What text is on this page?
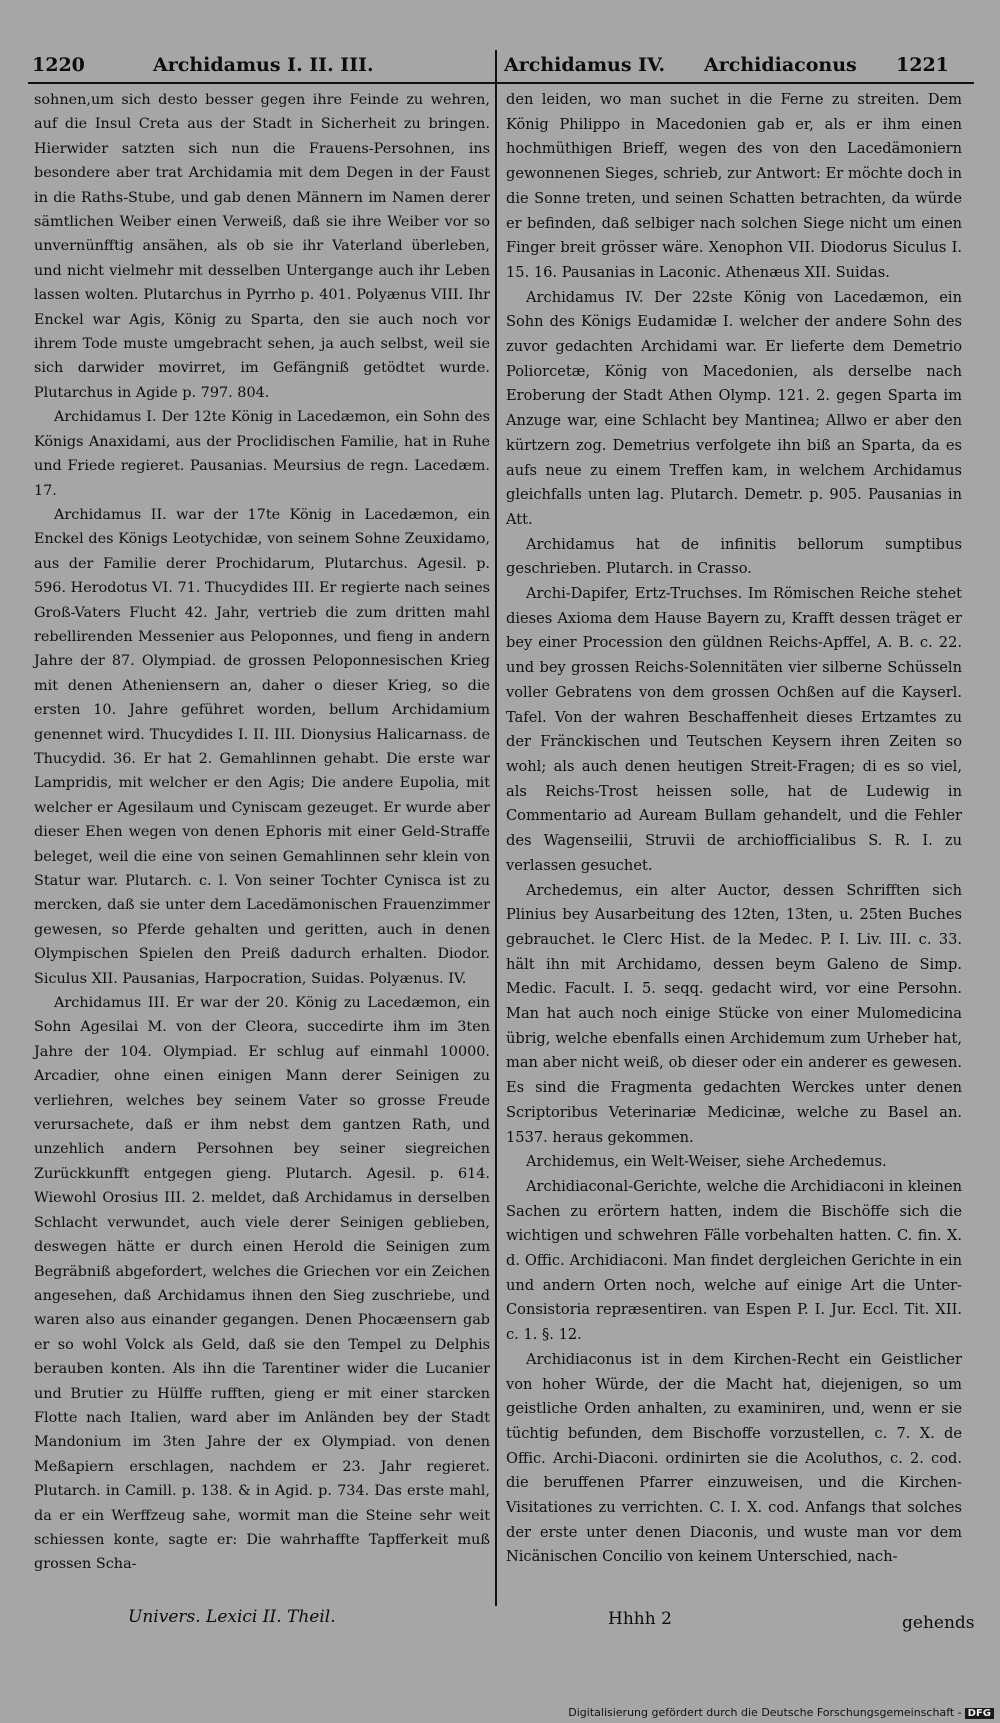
1220	Archidamus I. II. III.	Archidamus IV. Archidiaconus 1221

sohnen,um sich desto besser gegen ihre Feinde zu wehren, auf die Insul Creta aus der Stadt in Sicherheit zu bringen. Hierwider satzten sich nun die Frauens-Persohnen, ins besondere aber trat Archidamia mit dem Degen in der Faust in die Raths-Stube, und gab denen Männern im Namen derer sämtlichen Weiber einen Verweiß, daß sie ihre Weiber vor so unvernünfftig ansähen, als ob sie ihr Vaterland überleben, und nicht vielmehr mit desselben Untergange auch ihr Leben lassen wolten. Plutarchus in Pyrrho p. 401. Polyænus VIII. Ihr Enckel war Agis, König zu Sparta, den sie auch noch vor ihrem Tode muste umgebracht sehen, ja auch selbst, weil sie sich darwider movirret, im Gefängniß getödtet wurde. Plutarchus in Agide p. 797. 804.

Archidamus I. Der 12te König in Lacedæmon, ein Sohn des Königs Anaxidami, aus der Proclidischen Familie, hat in Ruhe und Friede regieret. Pausanias. Meursius de regn. Lacedæm. 17.

Archidamus II. war der 17te König in Lacedæmon, ein Enckel des Königs Leotychidæ, von seinem Sohne Zeuxidamo, aus der Familie derer Prochidarum, Plutarchus. Agesil. p. 596. Herodotus VI. 71. Thucydides III. Er regierte nach seines Groß-Vaters Flucht 42. Jahr, vertrieb die zum dritten mahl rebellirenden Messenier aus Peloponnes, und fieng in andern Jahre der 87. Olympiad. de grossen Peloponnesischen Krieg mit denen Atheniensern an, daher o dieser Krieg, so die ersten 10. Jahre geführet worden, bellum Archidamium genennet wird. Thucydides I. II. III. Dionysius Halicarnass. de Thucydid. 36. Er hat 2. Gemahlinnen gehabt. Die erste war Lampridis, mit welcher er den Agis; Die andere Eupolia, mit welcher er Agesilaum und Cyniscam gezeuget. Er wurde aber dieser Ehen wegen von denen Ephoris mit einer Geld-Straffe beleget, weil die eine von seinen Gemahlinnen sehr klein von Statur war. Plutarch. c. l. Von seiner Tochter Cynisca ist zu mercken, daß sie unter dem Lacedämonischen Frauenzimmer gewesen, so Pferde gehalten und geritten, auch in denen Olympischen Spielen den Preiß dadurch erhalten. Diodor. Siculus XII. Pausanias, Harpocration, Suidas. Polyænus. IV.

Archidamus III. Er war der 20. König zu Lacedæmon, ein Sohn Agesilai M. von der Cleora, succedirte ihm im 3ten Jahre der 104. Olympiad. Er schlug auf einmahl 10000. Arcadier, ohne einen einigen Mann derer Seinigen zu verliehren, welches bey seinem Vater so grosse Freude verursachete, daß er ihm nebst dem gantzen Rath, und unzehlich andern Persohnen bey seiner siegreichen Zurückkunfft entgegen gieng. Plutarch. Agesil. p. 614. Wiewohl Orosius III. 2. meldet, daß Archidamus in derselben Schlacht verwundet, auch viele derer Seinigen geblieben, deswegen hätte er durch einen Herold die Seinigen zum Begräbniß abgefordert, welches die Griechen vor ein Zeichen angesehen, daß Archidamus ihnen den Sieg zuschriebe, und waren also aus einander gegangen. Denen Phocæensern gab er so wohl Volck als Geld, daß sie den Tempel zu Delphis berauben konten. Als ihn die Tarentiner wider die Lucanier und Brutier zu Hülffe rufften, gieng er mit einer starcken Flotte nach Italien, ward aber im Anländen bey der Stadt Mandonium im 3ten Jahre der ex Olympiad. von denen Meßapiern erschlagen, nachdem er 23. Jahr regieret. Plutarch. in Camill. p. 138. & in Agid. p. 734. Das erste mahl, da er ein Werffzeug sahe, wormit man die Steine sehr weit schiessen konte, sagte er: Die wahrhaffte Tapfferkeit muß grossen Scha-

den leiden, wo man suchet in die Ferne zu streiten. Dem König Philippo in Macedonien gab er, als er ihm einen hochmüthigen Brieff, wegen des von den Lacedämoniern gewonnenen Sieges, schrieb, zur Antwort: Er möchte doch in die Sonne treten, und seinen Schatten betrachten, da würde er befinden, daß selbiger nach solchen Siege nicht um einen Finger breit grösser wäre. Xenophon VII. Diodorus Siculus I. 15. 16. Pausanias in Laconic. Athenæus XII. Suidas.

Archidamus IV. Der 22ste König von Lacedæmon, ein Sohn des Königs Eudamidæ I. welcher der andere Sohn des zuvor gedachten Archidami war. Er lieferte dem Demetrio Poliorcetæ, König von Macedonien, als derselbe nach Eroberung der Stadt Athen Olymp. 121. 2. gegen Sparta im Anzuge war, eine Schlacht bey Mantinea; Allwo er aber den kürtzern zog. Demetrius verfolgete ihn biß an Sparta, da es aufs neue zu einem Treffen kam, in welchem Archidamus gleichfalls unten lag. Plutarch. Demetr. p. 905. Pausanias in Att.

Archidamus hat de infinitis bellorum sumptibus geschrieben. Plutarch. in Crasso.

Archi-Dapifer, Ertz-Truchses. Im Römischen Reiche stehet dieses Axioma dem Hause Bayern zu, Krafft dessen träget er bey einer Procession den güldnen Reichs-Apffel, A. B. c. 22. und bey grossen Reichs-Solennitäten vier silberne Schüsseln voller Gebratens von dem grossen Ochßen auf die Kayserl. Tafel. Von der wahren Beschaffenheit dieses Ertzamtes zu der Fränckischen und Teutschen Keysern ihren Zeiten so wohl; als auch denen heutigen Streit-Fragen; di es so viel, als Reichs-Trost heissen solle, hat de Ludewig in Commentario ad Auream Bullam gehandelt, und die Fehler des Wagenseilii, Struvii de archiofficialibus S. R. I. zu verlassen gesuchet.

Archedemus, ein alter Auctor, dessen Schrifften sich Plinius bey Ausarbeitung des 12ten, 13ten, u. 25ten Buches gebrauchet. le Clerc Hist. de la Medec. P. I. Liv. III. c. 33. hält ihn mit Archidamo, dessen beym Galeno de Simp. Medic. Facult. I. 5. seqq. gedacht wird, vor eine Persohn. Man hat auch noch einige Stücke von einer Mulomedicina übrig, welche ebenfalls einen Archidemum zum Urheber hat, man aber nicht weiß, ob dieser oder ein anderer es gewesen. Es sind die Fragmenta gedachten Werckes unter denen Scriptoribus Veterinariæ Medicinæ, welche zu Basel an. 1537. heraus gekommen.

Archidemus, ein Welt-Weiser, siehe Archedemus.

Archidiaconal-Gerichte, welche die Archidiaconi in kleinen Sachen zu erörtern hatten, indem die Bischöffe sich die wichtigen und schwehren Fälle vorbehalten hatten. C. fin. X. d. Offic. Archidiaconi. Man findet dergleichen Gerichte in ein und andern Orten noch, welche auf einige Art die Unter-Consistoria repræsentiren. van Espen P. I. Jur. Eccl. Tit. XII. c. 1. §. 12.

Archidiaconus ist in dem Kirchen-Recht ein Geistlicher von hoher Würde, der die Macht hat, diejenigen, so um geistliche Orden anhalten, zu examiniren, und, wenn er sie tüchtig befunden, dem Bischoffe vorzustellen, c. 7. X. de Offic. Archi-Diaconi. ordinirten sie die Acoluthos, c. 2. cod. die beruffenen Pfarrer einzuweisen, und die Kirchen-Visitationes zu verrichten. C. I. X. cod. Anfangs that solches der erste unter denen Diaconis, und wuste man vor dem Nicänischen Concilio von keinem Unterschied, nach-

Univers. Lexici II. Theil.	Hhhh 2	gehends
Digitalisierung gefördert durch die Deutsche Forschungsgemeinschaft - DFG
